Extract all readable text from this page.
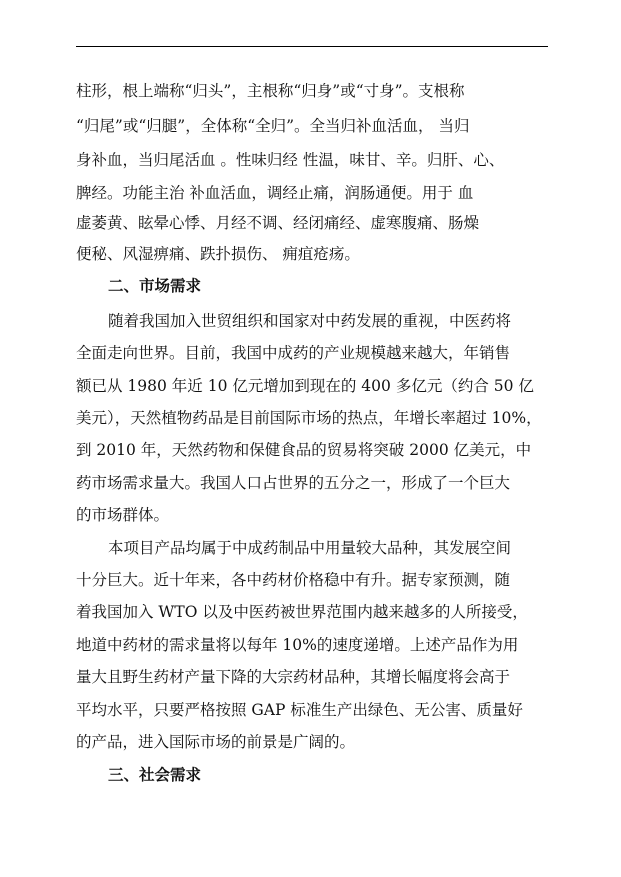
柱形，根上端称“归头”，主根称“归身”或“寸身”。支根称
“归尾”或“归腿”，全体称“全归”。全当归补血活血， 当归
身补血，当归尾活血 。性味归经 性温，味甘、辛。归肝、心、
脾经。功能主治 补血活血，调经止痛，润肠通便。用于 血
虚萎黄、眩晕心悸、月经不调、经闭痛经、虚寒腹痛、肠燥
便秘、风湿痹痛、跌扑损伤、 痈疽疮疡。
二、市场需求
随着我国加入世贸组织和国家对中药发展的重视，中医药将
全面走向世界。目前，我国中成药的产业规模越来越大，年销售
额已从 1980 年近 10 亿元增加到现在的 400 多亿元（约合 50 亿
美元），天然植物药品是目前国际市场的热点，年增长率超过 10%，
到 2010 年，天然药物和保健食品的贸易将突破 2000 亿美元，中
药市场需求量大。我国人口占世界的五分之一，形成了一个巨大
的市场群体。
本项目产品均属于中成药制品中用量较大品种，其发展空间
十分巨大。近十年来，各中药材价格稳中有升。据专家预测，随
着我国加入 WTO 以及中医药被世界范围内越来越多的人所接受，
地道中药材的需求量将以每年 10%的速度递增。上述产品作为用
量大且野生药材产量下降的大宗药材品种，其增长幅度将会高于
平均水平，只要严格按照 GAP 标准生产出绿色、无公害、质量好
的产品，进入国际市场的前景是广阔的。
三、社会需求
